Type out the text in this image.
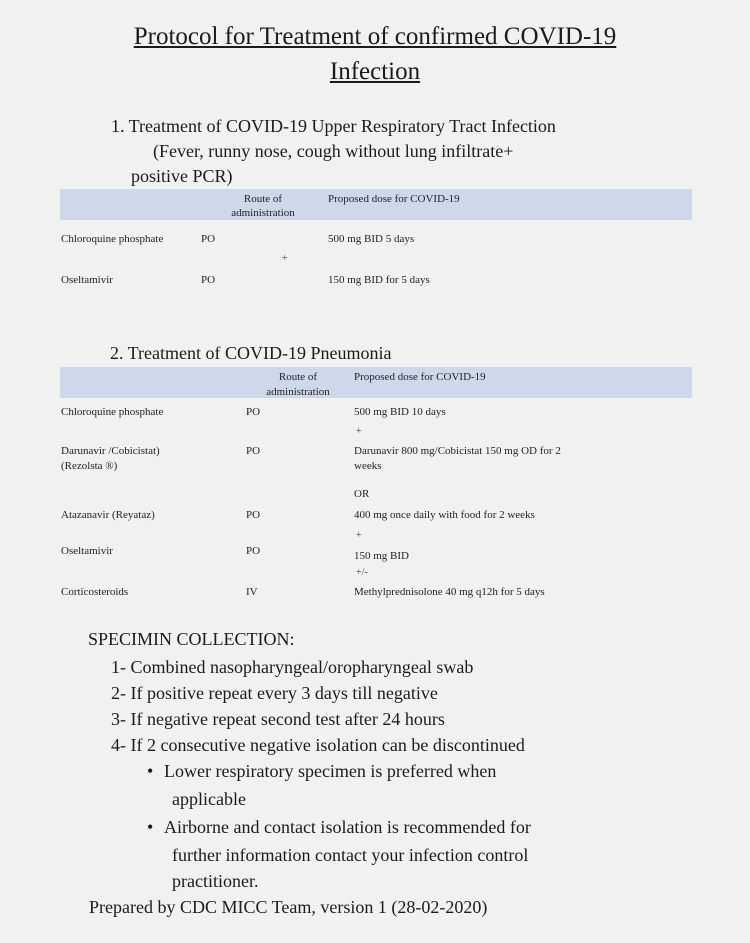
Protocol for Treatment of confirmed COVID-19
Infection
1. Treatment of COVID-19 Upper Respiratory Tract Infection
(Fever, runny nose, cough without lung infiltrate+
positive PCR)
Route of
administration
Proposed dose for COVID-19
Chloroquine phosphate	PO	500 mg BID 5 days
+
Oseltamivir	PO	150 mg BID for 5 days
2. Treatment of COVID-19 Pneumonia
Route of
administration
Proposed dose for COVID-19
Chloroquine phosphate	PO	500 mg BID 10 days
+
Darunavir /Cobicistat)
(Rezolsta ®)
PO	Darunavir 800 mg/Cobicistat 150 mg OD for 2
weeks
OR
Atazanavir (Reyataz)	PO	400 mg once daily with food for 2 weeks
+
Oseltamivir	PO	150 mg BID
+/-
Corticosteroids	IV	Methylprednisolone 40 mg q12h for 5 days
SPECIMIN COLLECTION:
1- Combined nasopharyngeal/oropharyngeal swab
2- If positive repeat every 3 days till negative
3- If negative repeat second test after 24 hours
4- If 2 consecutive negative isolation can be discontinued
• Lower respiratory specimen is preferred when
applicable
• Airborne and contact isolation is recommended for
further information contact your infection control
practitioner.
Prepared by CDC MICC Team, version 1 (28-02-2020)
